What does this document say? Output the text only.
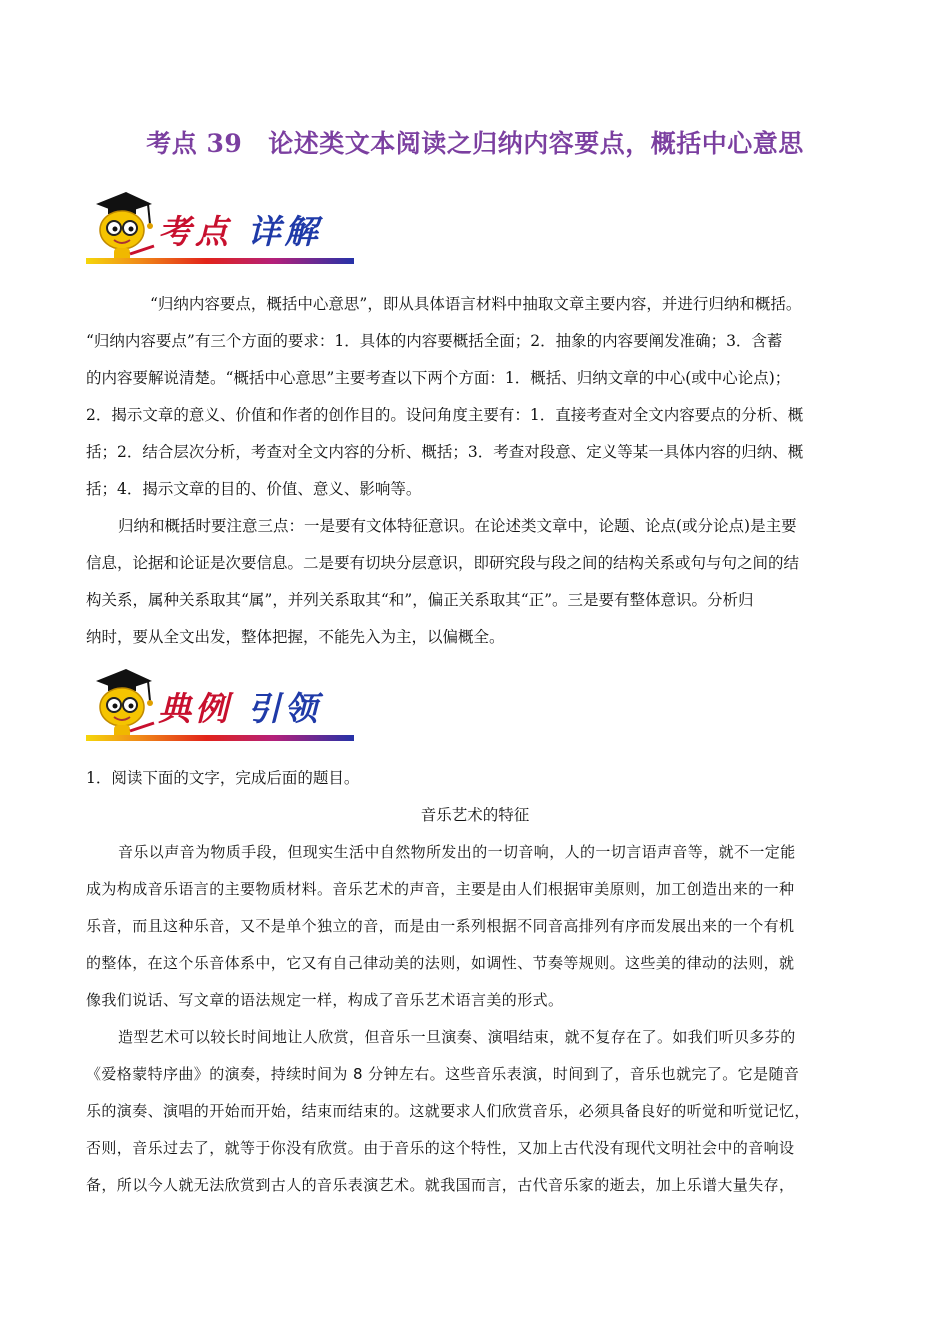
考点 39 论述类文本阅读之归纳内容要点，概括中心意思
考点 详解
“归纳内容要点，概括中心意思”，即从具体语言材料中抽取文章主要内容，并进行归纳和概括。
“归纳内容要点”有三个方面的要求：1．具体的内容要概括全面；2．抽象的内容要阐发准确；3．含蓄
的内容要解说清楚。“概括中心意思”主要考查以下两个方面：1．概括、归纳文章的中心(或中心论点)；
2．揭示文章的意义、价值和作者的创作目的。设问角度主要有：1．直接考查对全文内容要点的分析、概
括；2．结合层次分析，考查对全文内容的分析、概括；3．考查对段意、定义等某一具体内容的归纳、概
括；4．揭示文章的目的、价值、意义、影响等。
归纳和概括时要注意三点：一是要有文体特征意识。在论述类文章中，论题、论点(或分论点)是主要
信息，论据和论证是次要信息。二是要有切块分层意识，即研究段与段之间的结构关系或句与句之间的结
构关系，属种关系取其“属”，并列关系取其“和”，偏正关系取其“正”。三是要有整体意识。分析归
纳时，要从全文出发，整体把握，不能先入为主，以偏概全。
典例 引领
1．阅读下面的文字，完成后面的题目。
音乐艺术的特征
音乐以声音为物质手段，但现实生活中自然物所发出的一切音响，人的一切言语声音等，就不一定能
成为构成音乐语言的主要物质材料。音乐艺术的声音，主要是由人们根据审美原则，加工创造出来的一种
乐音，而且这种乐音，又不是单个独立的音，而是由一系列根据不同音高排列有序而发展出来的一个有机
的整体，在这个乐音体系中，它又有自己律动美的法则，如调性、节奏等规则。这些美的律动的法则，就
像我们说话、写文章的语法规定一样，构成了音乐艺术语言美的形式。
造型艺术可以较长时间地让人欣赏，但音乐一旦演奏、演唱结束，就不复存在了。如我们听贝多芬的
《爱格蒙特序曲》的演奏，持续时间为 8 分钟左右。这些音乐表演，时间到了，音乐也就完了。它是随音
乐的演奏、演唱的开始而开始，结束而结束的。这就要求人们欣赏音乐，必须具备良好的听觉和听觉记忆，
否则，音乐过去了，就等于你没有欣赏。由于音乐的这个特性，又加上古代没有现代文明社会中的音响设
备，所以今人就无法欣赏到古人的音乐表演艺术。就我国而言，古代音乐家的逝去，加上乐谱大量失存，
